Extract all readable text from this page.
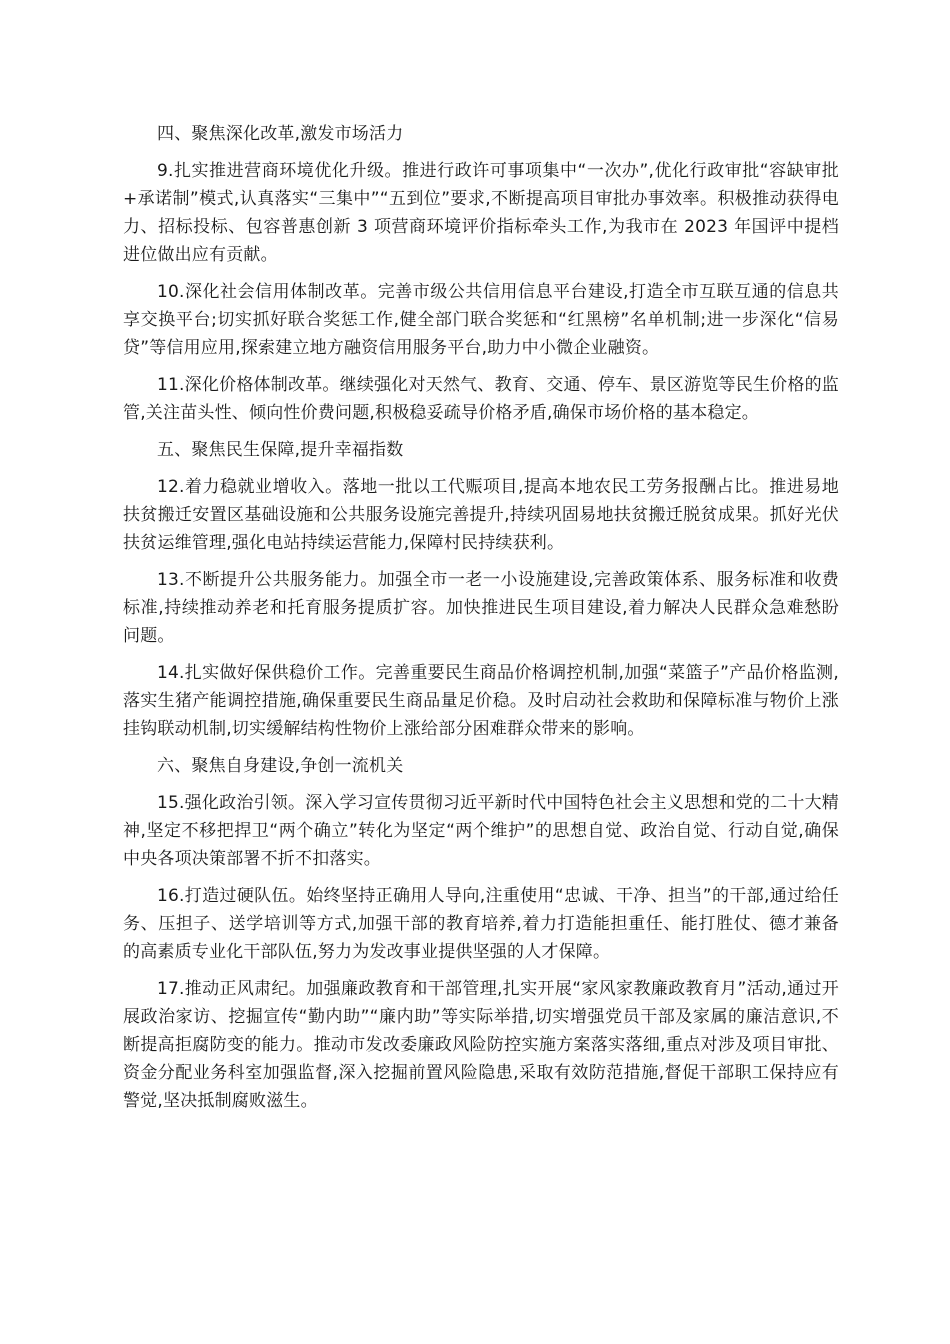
四、聚焦深化改革,激发市场活力

9.扎实推进营商环境优化升级。推进行政许可事项集中“一次办”,优化行政审批“容缺审批+承诺制”模式,认真落实“三集中”“五到位”要求,不断提高项目审批办事效率。积极推动获得电力、招标投标、包容普惠创新 3 项营商环境评价指标牵头工作,为我市在 2023 年国评中提档进位做出应有贡献。

10.深化社会信用体制改革。完善市级公共信用信息平台建设,打造全市互联互通的信息共享交换平台;切实抓好联合奖惩工作,健全部门联合奖惩和“红黑榜”名单机制;进一步深化“信易贷”等信用应用,探索建立地方融资信用服务平台,助力中小微企业融资。

11.深化价格体制改革。继续强化对天然气、教育、交通、停车、景区游览等民生价格的监管,关注苗头性、倾向性价费问题,积极稳妥疏导价格矛盾,确保市场价格的基本稳定。

五、聚焦民生保障,提升幸福指数

12.着力稳就业增收入。落地一批以工代赈项目,提高本地农民工劳务报酬占比。推进易地扶贫搬迁安置区基础设施和公共服务设施完善提升,持续巩固易地扶贫搬迁脱贫成果。抓好光伏扶贫运维管理,强化电站持续运营能力,保障村民持续获利。

13.不断提升公共服务能力。加强全市一老一小设施建设,完善政策体系、服务标准和收费标准,持续推动养老和托育服务提质扩容。加快推进民生项目建设,着力解决人民群众急难愁盼问题。

14.扎实做好保供稳价工作。完善重要民生商品价格调控机制,加强“菜篮子”产品价格监测,落实生猪产能调控措施,确保重要民生商品量足价稳。及时启动社会救助和保障标准与物价上涨挂钩联动机制,切实缓解结构性物价上涨给部分困难群众带来的影响。

六、聚焦自身建设,争创一流机关

15.强化政治引领。深入学习宣传贯彻习近平新时代中国特色社会主义思想和党的二十大精神,坚定不移把捍卫“两个确立”转化为坚定“两个维护”的思想自觉、政治自觉、行动自觉,确保中央各项决策部署不折不扣落实。

16.打造过硬队伍。始终坚持正确用人导向,注重使用“忠诚、干净、担当”的干部,通过给任务、压担子、送学培训等方式,加强干部的教育培养,着力打造能担重任、能打胜仗、德才兼备的高素质专业化干部队伍,努力为发改事业提供坚强的人才保障。

17.推动正风肃纪。加强廉政教育和干部管理,扎实开展“家风家教廉政教育月”活动,通过开展政治家访、挖掘宣传“勤内助”“廉内助”等实际举措,切实增强党员干部及家属的廉洁意识,不断提高拒腐防变的能力。推动市发改委廉政风险防控实施方案落实落细,重点对涉及项目审批、资金分配业务科室加强监督,深入挖掘前置风险隐患,采取有效防范措施,督促干部职工保持应有警觉,坚决抵制腐败滋生。
